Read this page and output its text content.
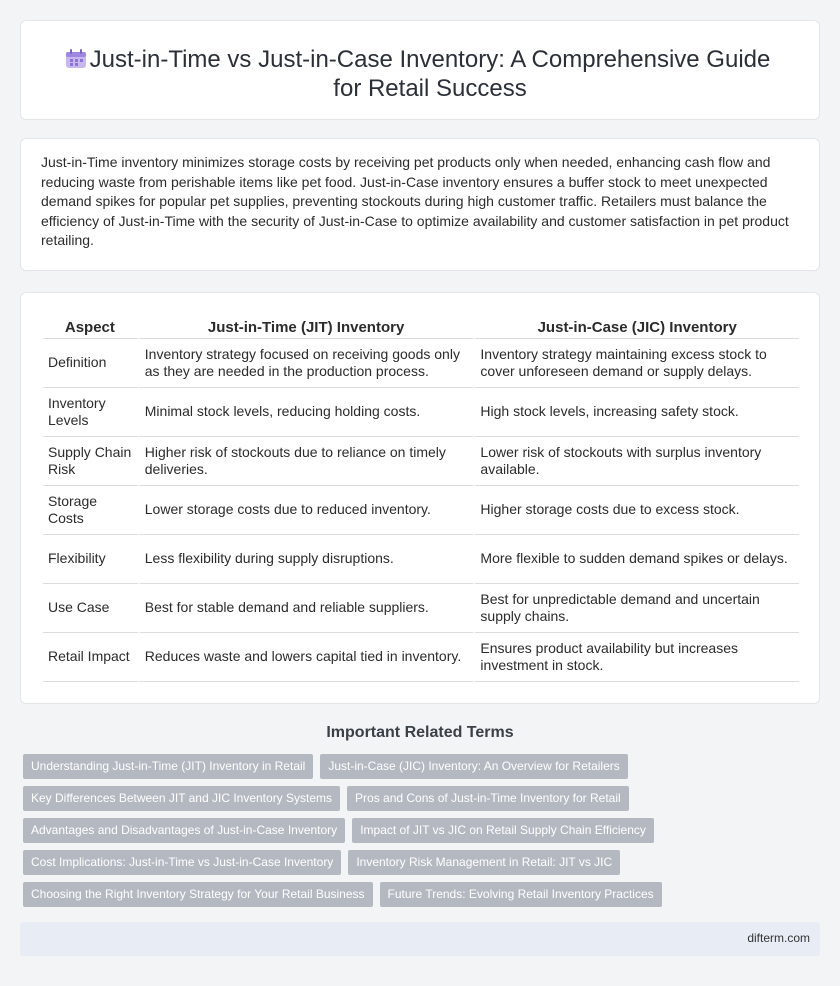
Just-in-Time vs Just-in-Case Inventory: A Comprehensive Guide for Retail Success

Just-in-Time inventory minimizes storage costs by receiving pet products only when needed, enhancing cash flow and reducing waste from perishable items like pet food. Just-in-Case inventory ensures a buffer stock to meet unexpected demand spikes for popular pet supplies, preventing stockouts during high customer traffic. Retailers must balance the efficiency of Just-in-Time with the security of Just-in-Case to optimize availability and customer satisfaction in pet product retailing.

Aspect	Just-in-Time (JIT) Inventory	Just-in-Case (JIC) Inventory
Definition	Inventory strategy focused on receiving goods only as they are needed in the production process.	Inventory strategy maintaining excess stock to cover unforeseen demand or supply delays.
Inventory Levels	Minimal stock levels, reducing holding costs.	High stock levels, increasing safety stock.
Supply Chain Risk	Higher risk of stockouts due to reliance on timely deliveries.	Lower risk of stockouts with surplus inventory available.
Storage Costs	Lower storage costs due to reduced inventory.	Higher storage costs due to excess stock.
Flexibility	Less flexibility during supply disruptions.	More flexible to sudden demand spikes or delays.
Use Case	Best for stable demand and reliable suppliers.	Best for unpredictable demand and uncertain supply chains.
Retail Impact	Reduces waste and lowers capital tied in inventory.	Ensures product availability but increases investment in stock.
Important Related Terms
Understanding Just-in-Time (JIT) Inventory in Retail	Just-in-Case (JIC) Inventory: An Overview for Retailers
Key Differences Between JIT and JIC Inventory Systems	Pros and Cons of Just-in-Time Inventory for Retail
Advantages and Disadvantages of Just-in-Case Inventory	Impact of JIT vs JIC on Retail Supply Chain Efficiency
Cost Implications: Just-in-Time vs Just-in-Case Inventory	Inventory Risk Management in Retail: JIT vs JIC
Choosing the Right Inventory Strategy for Your Retail Business	Future Trends: Evolving Retail Inventory Practices
difterm.com
